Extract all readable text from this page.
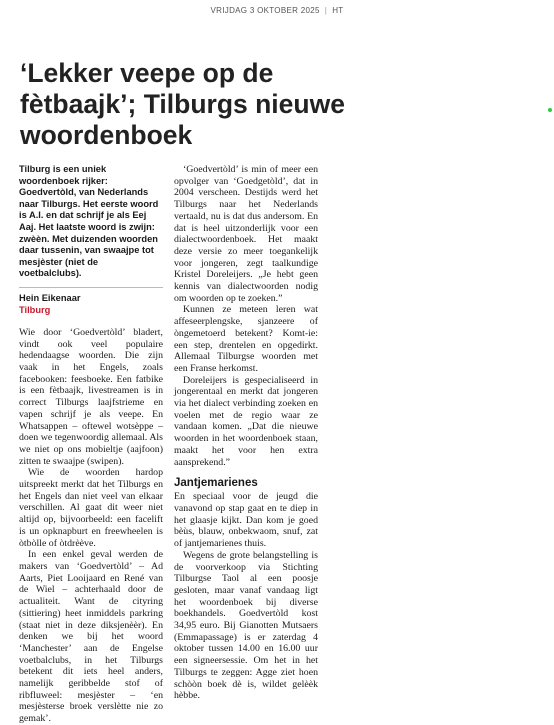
VRIJDAG 3 OKTOBER 2025  |  HT
‘Lekker veepe op de fètbaajk’; Tilburgs nieuwe woordenboek

Tilburg is een uniek woordenboek rijker: Goedvertòld, van Nederlands naar Tilburgs. Het eerste woord is A.I. en dat schrijf je als Eej Aaj. Het laatste woord is zwijn: zwèèn. Met duizenden woorden daar tussenin, van swaajpe tot mesjèster (niet de voetbalclubs).

Hein Eikenaar
Tilburg

Wie door ‘Goedvertòld’ bladert, vindt ook veel populaire hedendaagse woorden. Die zijn vaak in het Engels, zoals facebooken: feesboeke. Een fatbike is een fètbaajk, livestreamen is in correct Tilburgs laajfstrieme en vapen schrijf je als veepe. En Whatsappen – oftewel wotsèppe – doen we tegenwoordig allemaal. Als we niet op ons mobieltje (aajfoon) zitten te swaajpe (swipen).

Wie de woorden hardop uitspreekt merkt dat het Tilburgs en het Engels dan niet veel van elkaar verschillen. Al gaat dit weer niet altijd op, bijvoorbeeld: een facelift is un opknapburt en freewheelen is òtbòlle of òtdrèève.

In een enkel geval werden de makers van ‘Goedvertòld’ – Ad Aarts, Piet Looijaard en René van de Wiel – achterhaald door de actualiteit. Want de cityring (sittiering) heet inmiddels parkring (staat niet in deze diksjenèèr). En denken we bij het woord ‘Manchester’ aan de Engelse voetbalclubs, in het Tilburgs betekent dit iets heel anders, namelijk geribbelde stof of ribfluweel: mesjèster – ‘en mesjèsterse broek verslètte nie zo gemak’.

‘Goedvertòld’ is min of meer een opvolger van ‘Goedgetòld’, dat in 2004 verscheen. Destijds werd het Tilburgs naar het Nederlands vertaald, nu is dat dus andersom. En dat is heel uitzonderlijk voor een dialectwoordenboek. Het maakt deze versie zo meer toegankelijk voor jongeren, zegt taalkundige Kristel Doreleijers. „Je hebt geen kennis van dialectwoorden nodig om woorden op te zoeken.”

Kunnen ze meteen leren wat affeseerplengske, sjanzeere of òngemetoerd betekent? Komt-ie: een step, drentelen en opgedirkt. Allemaal Tilburgse woorden met een Franse herkomst.

Doreleijers is gespecialiseerd in jongerentaal en merkt dat jongeren via het dialect verbinding zoeken en voelen met de regio waar ze vandaan komen. „Dat die nieuwe woorden in het woordenboek staan, maakt het voor hen extra aansprekend.”

Jantjemarienes

En speciaal voor de jeugd die vanavond op stap gaat en te diep in het glaasje kijkt. Dan kom je goed bèùs, blauw, onbekwaom, snuf, zat of jantjemarienes thuis.

Wegens de grote belangstelling is de voorverkoop via Stichting Tilburgse Taol al een poosje gesloten, maar vanaf vandaag ligt het woordenboek bij diverse boekhandels. Goedvertòld kost 34,95 euro. Bij Gianotten Mutsaers (Emmapassage) is er zaterdag 4 oktober tussen 14.00 en 16.00 uur een signeersessie. Om het in het Tilburgs te zeggen: Agge ziet hoen schòòn boek dè is, wildet gelèèk hèbbe.
